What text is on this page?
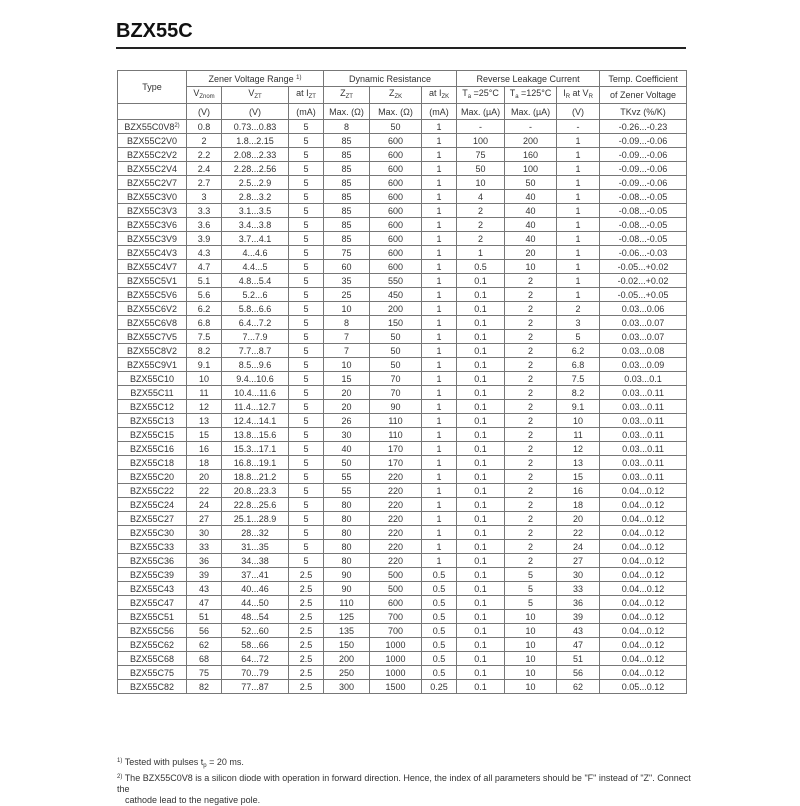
BZX55C
Type	Zener Voltage Range $^{1)}$			Dynamic Resistance			Reverse Leakage Current			Temp. Coefficient
	$V_{Znom}$	$V_{ZT}$	at $I_{ZT}$	$Z_{ZT}$	$Z_{ZK}$	at $I_{ZK}$	$T_a =25^\circ C$	$T_a =125^\circ C$	$I_R$ at $V_R$	of Zener Voltage
	(V)	(V)	(mA)	Max. (Ω)	Max. (Ω)	(mA)	Max. (µA)	Max. (µA)	(V)	TKvz (%/K)
BZX55C0V8$^{2)}$	0.8	0.73...0.83	5	8	50	1	-	-	-	-0.26...-0.23
BZX55C2V0	2	1.8...2.15	5	85	600	1	100	200	1	-0.09...-0.06
BZX55C2V2	2.2	2.08...2.33	5	85	600	1	75	160	1	-0.09...-0.06
BZX55C2V4	2.4	2.28...2.56	5	85	600	1	50	100	1	-0.09...-0.06
BZX55C2V7	2.7	2.5...2.9	5	85	600	1	10	50	1	-0.09...-0.06
BZX55C3V0	3	2.8...3.2	5	85	600	1	4	40	1	-0.08...-0.05
BZX55C3V3	3.3	3.1...3.5	5	85	600	1	2	40	1	-0.08...-0.05
BZX55C3V6	3.6	3.4...3.8	5	85	600	1	2	40	1	-0.08...-0.05
BZX55C3V9	3.9	3.7...4.1	5	85	600	1	2	40	1	-0.08...-0.05
BZX55C4V3	4.3	4...4.6	5	75	600	1	1	20	1	-0.06...-0.03
BZX55C4V7	4.7	4.4...5	5	60	600	1	0.5	10	1	-0.05...+0.02
BZX55C5V1	5.1	4.8...5.4	5	35	550	1	0.1	2	1	-0.02...+0.02
BZX55C5V6	5.6	5.2...6	5	25	450	1	0.1	2	1	-0.05...+0.05
BZX55C6V2	6.2	5.8...6.6	5	10	200	1	0.1	2	2	0.03...0.06
BZX55C6V8	6.8	6.4...7.2	5	8	150	1	0.1	2	3	0.03...0.07
BZX55C7V5	7.5	7...7.9	5	7	50	1	0.1	2	5	0.03...0.07
BZX55C8V2	8.2	7.7...8.7	5	7	50	1	0.1	2	6.2	0.03...0.08
BZX55C9V1	9.1	8.5...9.6	5	10	50	1	0.1	2	6.8	0.03...0.09
BZX55C10	10	9.4...10.6	5	15	70	1	0.1	2	7.5	0.03...0.1
BZX55C11	11	10.4...11.6	5	20	70	1	0.1	2	8.2	0.03...0.11
BZX55C12	12	11.4...12.7	5	20	90	1	0.1	2	9.1	0.03...0.11
BZX55C13	13	12.4...14.1	5	26	110	1	0.1	2	10	0.03...0.11
BZX55C15	15	13.8...15.6	5	30	110	1	0.1	2	11	0.03...0.11
BZX55C16	16	15.3...17.1	5	40	170	1	0.1	2	12	0.03...0.11
BZX55C18	18	16.8...19.1	5	50	170	1	0.1	2	13	0.03...0.11
BZX55C20	20	18.8...21.2	5	55	220	1	0.1	2	15	0.03...0.11
BZX55C22	22	20.8...23.3	5	55	220	1	0.1	2	16	0.04...0.12
BZX55C24	24	22.8...25.6	5	80	220	1	0.1	2	18	0.04...0.12
BZX55C27	27	25.1...28.9	5	80	220	1	0.1	2	20	0.04...0.12
BZX55C30	30	28...32	5	80	220	1	0.1	2	22	0.04...0.12
BZX55C33	33	31...35	5	80	220	1	0.1	2	24	0.04...0.12
BZX55C36	36	34...38	5	80	220	1	0.1	2	27	0.04...0.12
BZX55C39	39	37...41	2.5	90	500	0.5	0.1	5	30	0.04...0.12
BZX55C43	43	40...46	2.5	90	500	0.5	0.1	5	33	0.04...0.12
BZX55C47	47	44...50	2.5	110	600	0.5	0.1	5	36	0.04...0.12
BZX55C51	51	48...54	2.5	125	700	0.5	0.1	10	39	0.04...0.12
BZX55C56	56	52...60	2.5	135	700	0.5	0.1	10	43	0.04...0.12
BZX55C62	62	58...66	2.5	150	1000	0.5	0.1	10	47	0.04...0.12
BZX55C68	68	64...72	2.5	200	1000	0.5	0.1	10	51	0.04...0.12
BZX55C75	75	70...79	2.5	250	1000	0.5	0.1	10	56	0.04...0.12
BZX55C82	82	77...87	2.5	300	1500	0.25	0.1	10	62	0.05...0.12
$^{1)}$ Tested with pulses $t_p = 20$ ms.
$^{2)}$ The BZX55C0V8 is a silicon diode with operation in forward direction. Hence, the index of all parameters should be "F" instead of "Z". Connect the
cathode lead to the negative pole.
